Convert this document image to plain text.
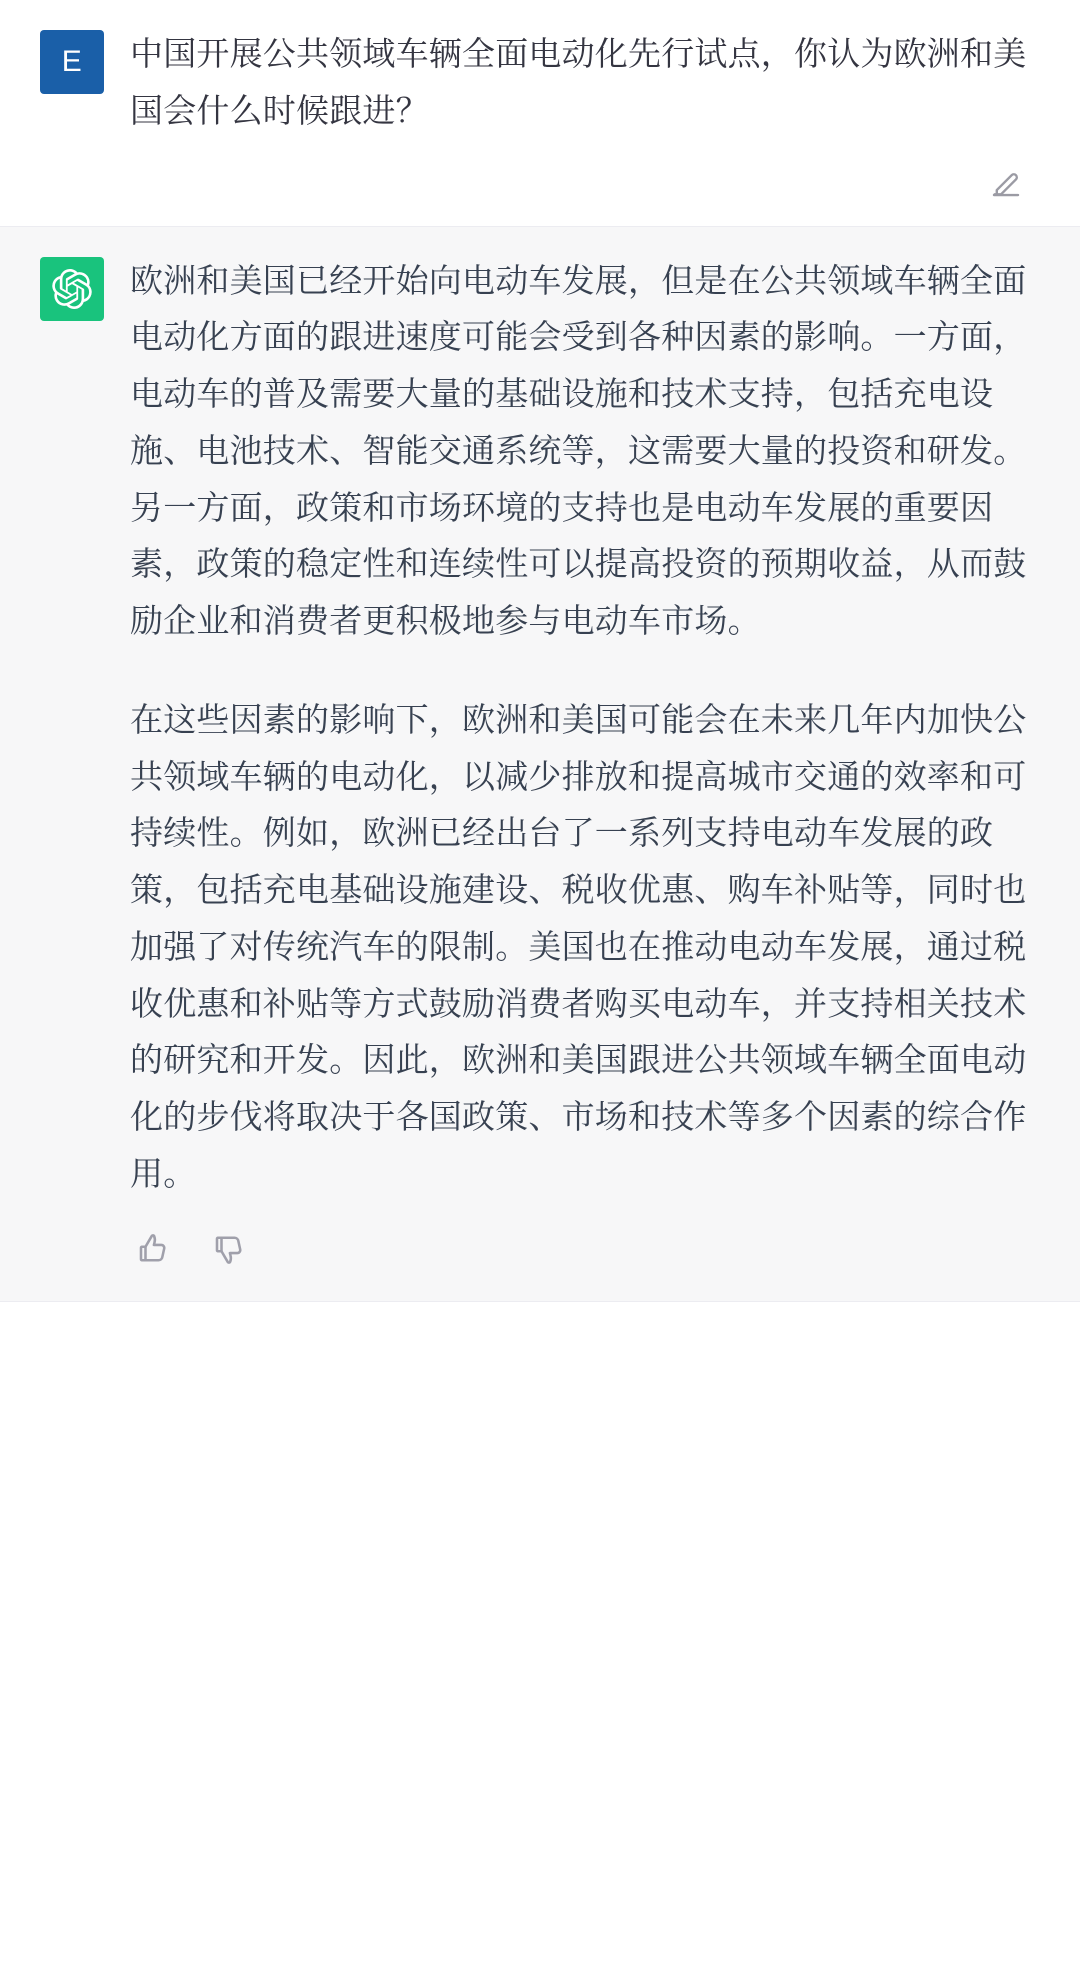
E	中国开展公共领域车辆全面电动化先行试点，你认为欧洲和美国会什么时候跟进？
欧洲和美国已经开始向电动车发展，但是在公共领域车辆全面电动化方面的跟进速度可能会受到各种因素的影响。一方面，电动车的普及需要大量的基础设施和技术支持，包括充电设施、电池技术、智能交通系统等，这需要大量的投资和研发。另一方面，政策和市场环境的支持也是电动车发展的重要因素，政策的稳定性和连续性可以提高投资的预期收益，从而鼓励企业和消费者更积极地参与电动车市场。
在这些因素的影响下，欧洲和美国可能会在未来几年内加快公共领域车辆的电动化，以减少排放和提高城市交通的效率和可持续性。例如，欧洲已经出台了一系列支持电动车发展的政策，包括充电基础设施建设、税收优惠、购车补贴等，同时也加强了对传统汽车的限制。美国也在推动电动车发展，通过税收优惠和补贴等方式鼓励消费者购买电动车，并支持相关技术的研究和开发。因此，欧洲和美国跟进公共领域车辆全面电动化的步伐将取决于各国政策、市场和技术等多个因素的综合作用。
